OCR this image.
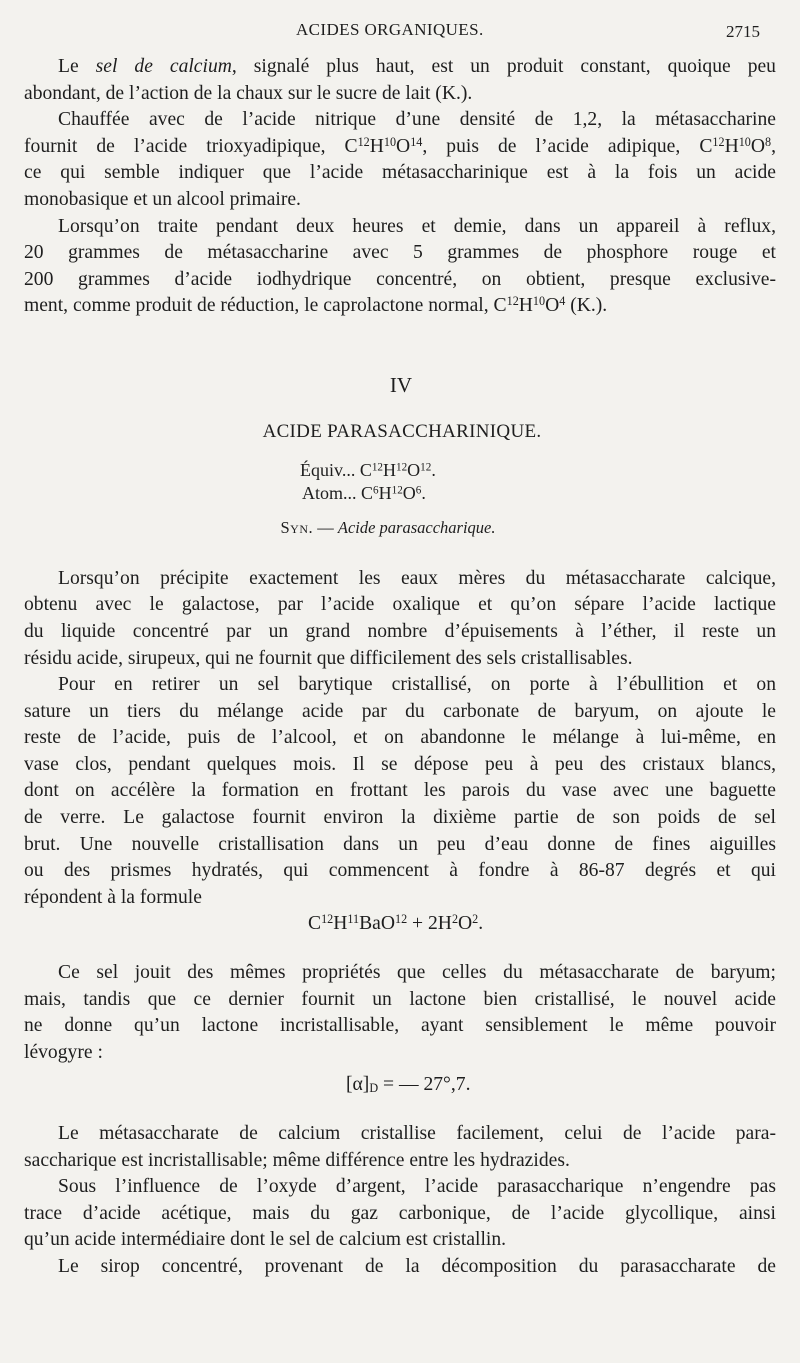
ACIDES ORGANIQUES.	2715
Le sel de calcium, signalé plus haut, est un produit constant, quoique peu
abondant, de l’action de la chaux sur le sucre de lait (K.).
Chauffée avec de l’acide nitrique d’une densité de 1,2, la métasaccharine
fournit de l’acide trioxyadipique, $C^{12}H^{10}O^{14}$, puis de l’acide adipique, $C^{12}H^{10}O^8$,
ce qui semble indiquer que l’acide métasaccharinique est à la fois un acide
monobasique et un alcool primaire.
Lorsqu’on traite pendant deux heures et demie, dans un appareil à reflux,
20 grammes de métasaccharine avec 5 grammes de phosphore rouge et
200 grammes d’acide iodhydrique concentré, on obtient, presque exclusive-
ment, comme produit de réduction, le caprolactone normal, $C^{12}H^{10}O^4$ (K.).
IV
ACIDE PARASACCHARINIQUE.
Équiv... $C^{12}H^{12}O^{12}$.
Atom... $C^6H^{12}O^6$.
Syn. — Acide parasaccharique.
Lorsqu’on précipite exactement les eaux mères du métasaccharate calcique,
obtenu avec le galactose, par l’acide oxalique et qu’on sépare l’acide lactique
du liquide concentré par un grand nombre d’épuisements à l’éther, il reste un
résidu acide, sirupeux, qui ne fournit que difficilement des sels cristallisables.
Pour en retirer un sel barytique cristallisé, on porte à l’ébullition et on
sature un tiers du mélange acide par du carbonate de baryum, on ajoute le
reste de l’acide, puis de l’alcool, et on abandonne le mélange à lui-même, en
vase clos, pendant quelques mois. Il se dépose peu à peu des cristaux blancs,
dont on accélère la formation en frottant les parois du vase avec une baguette
de verre. Le galactose fournit environ la dixième partie de son poids de sel
brut. Une nouvelle cristallisation dans un peu d’eau donne de fines aiguilles
ou des prismes hydratés, qui commencent à fondre à 86-87 degrés et qui
répondent à la formule
$C^{12}H^{11}BaO^{12} + 2H^2O^2$.
Ce sel jouit des mêmes propriétés que celles du métasaccharate de baryum;
mais, tandis que ce dernier fournit un lactone bien cristallisé, le nouvel acide
ne donne qu’un lactone incristallisable, ayant sensiblement le même pouvoir
lévogyre :
$[\alpha]_D$ = — 27°,7.
Le métasaccharate de calcium cristallise facilement, celui de l’acide para-
saccharique est incristallisable; même différence entre les hydrazides.
Sous l’influence de l’oxyde d’argent, l’acide parasaccharique n’engendre pas
trace d’acide acétique, mais du gaz carbonique, de l’acide glycollique, ainsi
qu’un acide intermédiaire dont le sel de calcium est cristallin.
Le sirop concentré, provenant de la décomposition du parasaccharate de
